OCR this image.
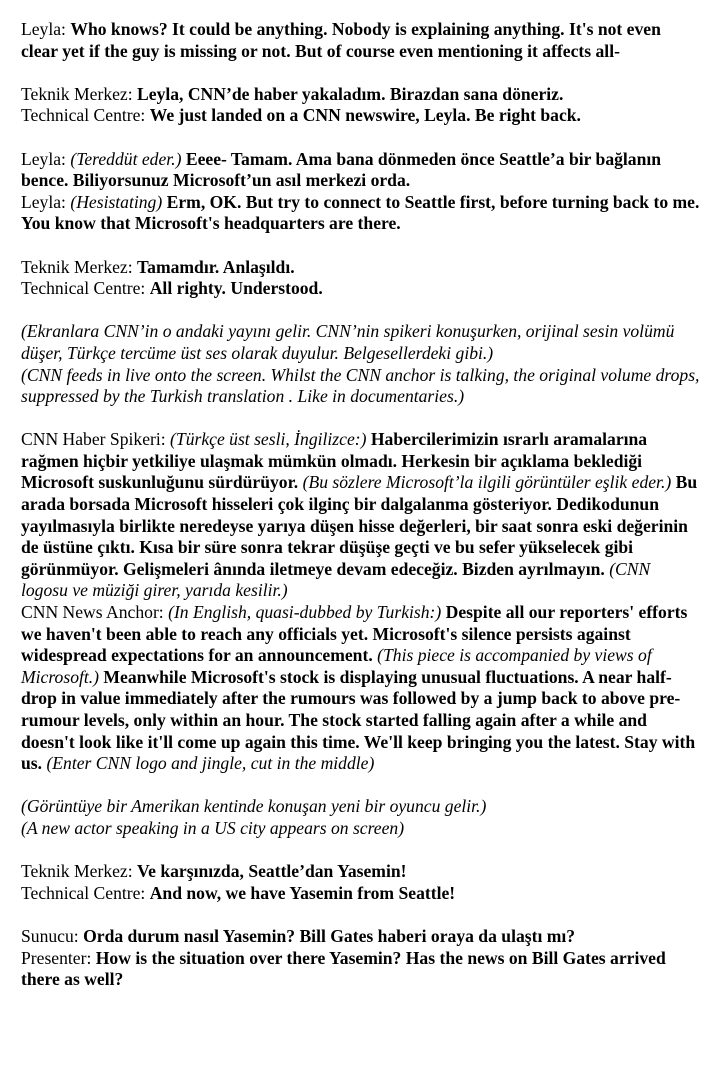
Leyla: Who knows? It could be anything. Nobody is explaining anything. It's not even clear yet if the guy is missing or not. But of course even mentioning it affects all-

Teknik Merkez: Leyla, CNN’de haber yakaladım. Birazdan sana döneriz.

Technical Centre: We just landed on a CNN newswire, Leyla. Be right back.

Leyla: (Tereddüt eder.) Eeee- Tamam. Ama bana dönmeden önce Seattle’a bir bağlanın bence. Biliyorsunuz Microsoft’un asıl merkezi orda.

Leyla: (Hesistating) Erm, OK. But try to connect to Seattle first, before turning back to me. You know that Microsoft's headquarters are there.

Teknik Merkez: Tamamdır. Anlaşıldı.

Technical Centre: All righty. Understood.

(Ekranlara CNN’in o andaki yayını gelir. CNN’nin spikeri konuşurken, orijinal sesin volümü düşer, Türkçe tercüme üst ses olarak duyulur. Belgesellerdeki gibi.)

(CNN feeds in live onto the screen. Whilst the CNN anchor is talking, the original volume drops, suppressed by the Turkish translation . Like in documentaries.)

CNN Haber Spikeri: (Türkçe üst sesli, İngilizce:) Habercilerimizin ısrarlı aramalarına rağmen hiçbir yetkiliye ulaşmak mümkün olmadı. Herkesin bir açıklama beklediği Microsoft suskunluğunu sürdürüyor. (Bu sözlere Microsoft’la ilgili görüntüler eşlik eder.) Bu arada borsada Microsoft hisseleri çok ilginç bir dalgalanma gösteriyor. Dedikodunun yayılmasıyla birlikte neredeyse yarıya düşen hisse değerleri, bir saat sonra eski değerinin de üstüne çıktı. Kısa bir süre sonra tekrar düşüşe geçti ve bu sefer yükselecek gibi görünmüyor. Gelişmeleri ânında iletmeye devam edeceğiz. Bizden ayrılmayın. (CNN logosu ve müziği girer, yarıda kesilir.)

CNN News Anchor: (In English, quasi-dubbed by Turkish:) Despite all our reporters' efforts we haven't been able to reach any officials yet. Microsoft's silence persists against widespread expectations for an announcement. (This piece is accompanied by views of Microsoft.) Meanwhile Microsoft's stock is displaying unusual fluctuations. A near half-drop in value immediately after the rumours was followed by a jump back to above pre-rumour levels, only within an hour. The stock started falling again after a while and doesn't look like it'll come up again this time. We'll keep bringing you the latest. Stay with us. (Enter CNN logo and jingle, cut in the middle)

(Görüntüye bir Amerikan kentinde konuşan yeni bir oyuncu gelir.)

(A new actor speaking in a US city appears on screen)

Teknik Merkez: Ve karşınızda, Seattle’dan Yasemin!

Technical Centre: And now, we have Yasemin from Seattle!

Sunucu: Orda durum nasıl Yasemin? Bill Gates haberi oraya da ulaştı mı?

Presenter: How is the situation over there Yasemin? Has the news on Bill Gates arrived there as well?
